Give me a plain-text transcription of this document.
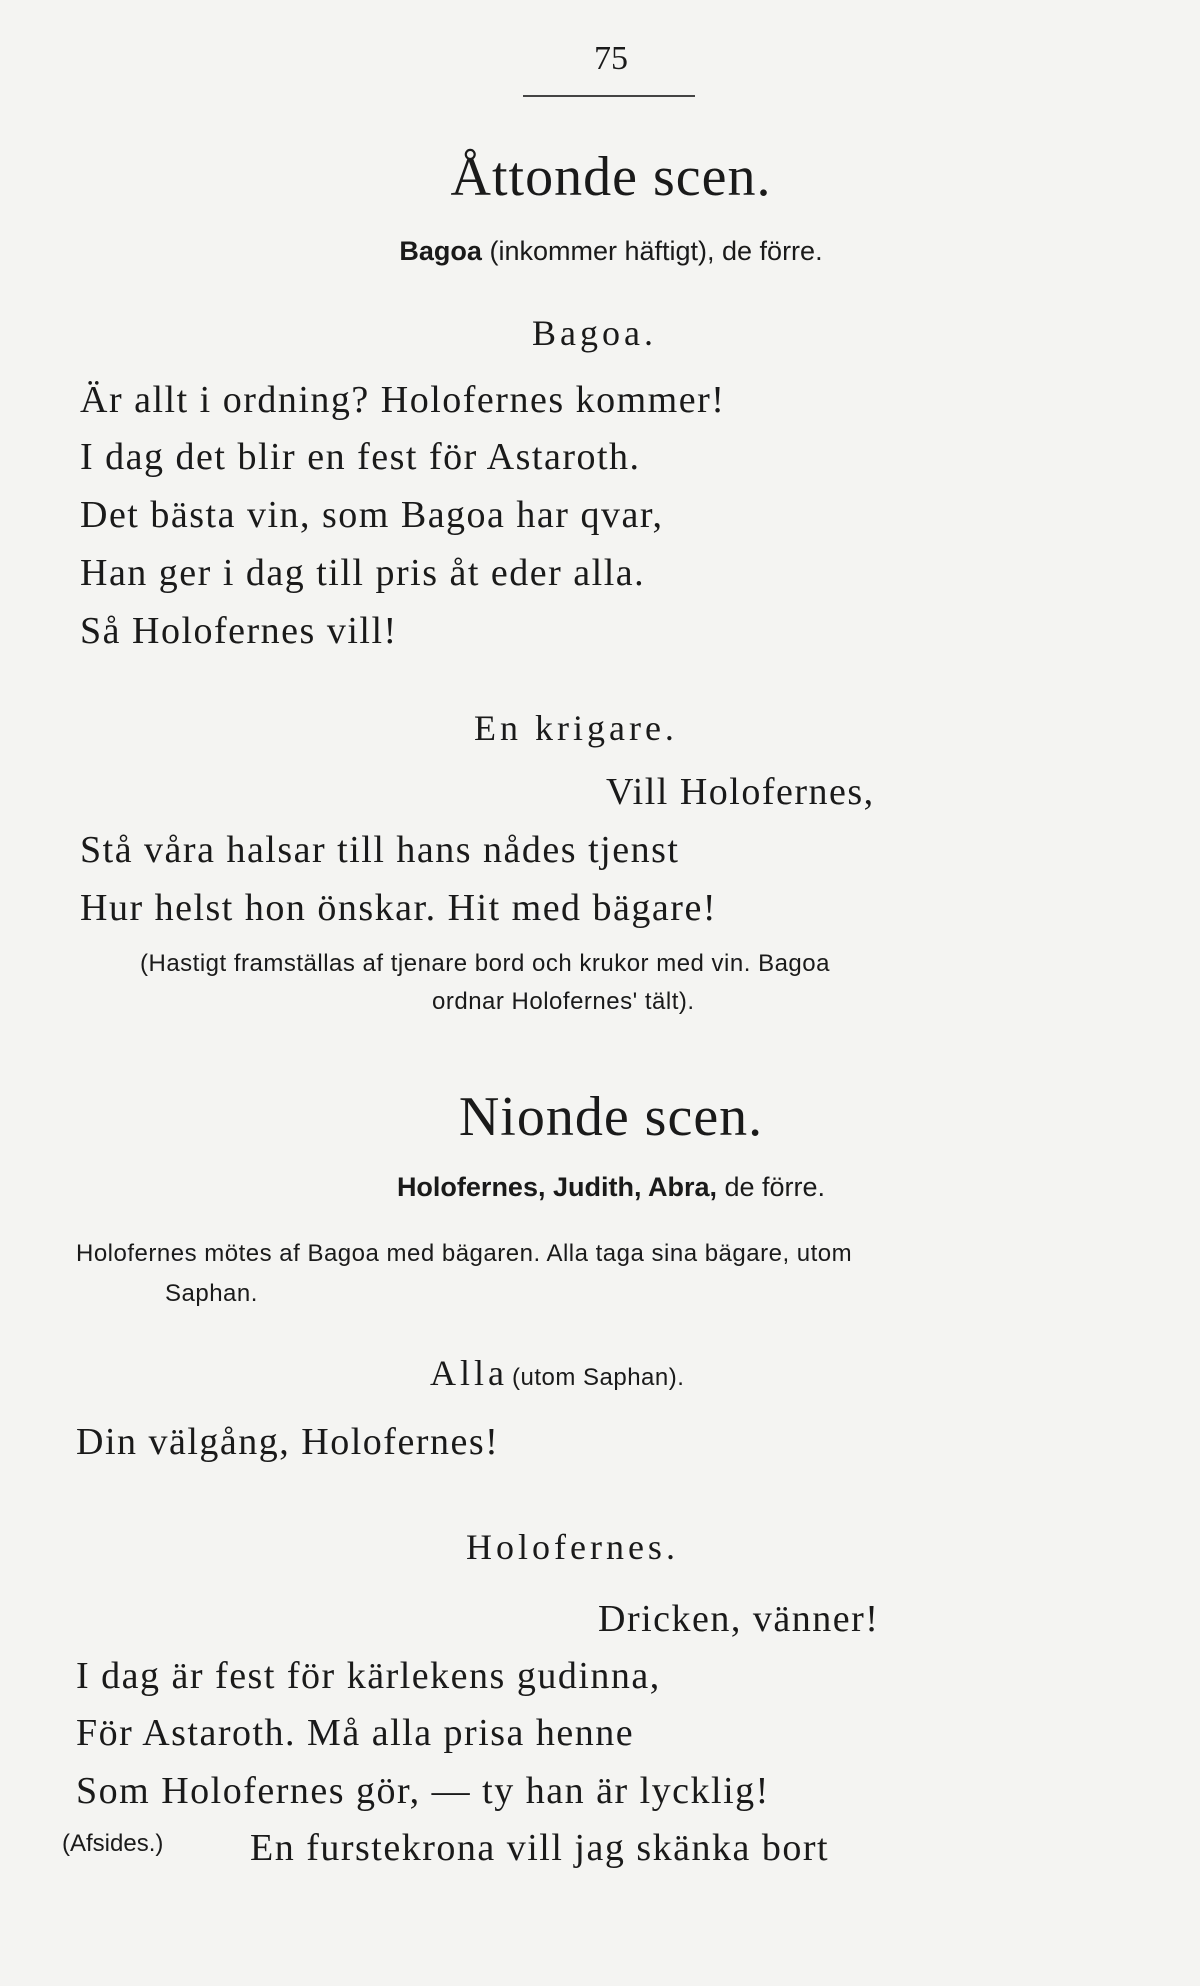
75
Åttonde scen.
Bagoa (inkommer häftigt), de förre.
Bagoa.
Är allt i ordning? Holofernes kommer!
I dag det blir en fest för Astaroth.
Det bästa vin, som Bagoa har qvar,
Han ger i dag till pris åt eder alla.
Så Holofernes vill!
En krigare.
Vill Holofernes,
Stå våra halsar till hans nådes tjenst
Hur helst hon önskar. Hit med bägare!
(Hastigt framställas af tjenare bord och krukor med vin. Bagoa
ordnar Holofernes' tält).
Nionde scen.
Holofernes, Judith, Abra, de förre.
Holofernes mötes af Bagoa med bägaren. Alla taga sina bägare, utom
Saphan.
Alla (utom Saphan).
Din välgång, Holofernes!
Holofernes.
Dricken, vänner!
I dag är fest för kärlekens gudinna,
För Astaroth. Må alla prisa henne
Som Holofernes gör, — ty han är lycklig!
(Afsides.) En furstekrona vill jag skänka bort
